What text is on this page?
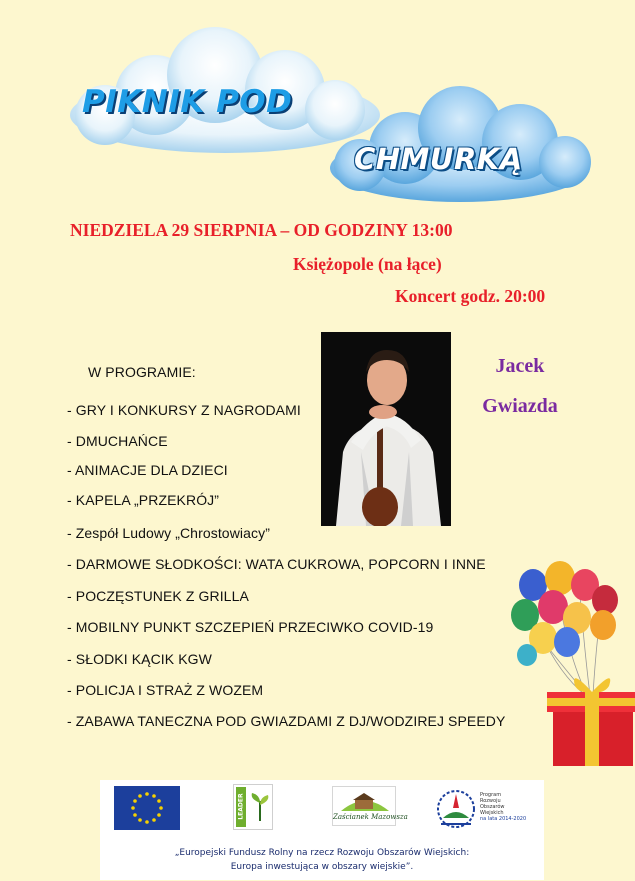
PIKNIK POD
CHMURKĄ
NIEDZIELA 29 SIERPNIA – OD GODZINY 13:00
Księżopole (na łące)
Koncert godz. 20:00
Jacek
Gwiazda
W PROGRAMIE:
- GRY I KONKURSY Z NAGRODAMI
- DMUCHAŃCE
- ANIMACJE DLA DZIECI
- KAPELA „PRZEKRÓJ”
- Zespół Ludowy „Chrostowiacy”
- DARMOWE SŁODKOŚCI: WATA CUKROWA, POPCORN I INNE
- POCZĘSTUNEK Z GRILLA
- MOBILNY PUNKT SZCZEPIEŃ PRZECIWKO COVID-19
- SŁODKI KĄCIK KGW
- POLICJA I STRAŻ Z WOZEM
- ZABAWA TANECZNA POD GWIAZDAMI Z DJ/WODZIREJ SPEEDY
LEADER	Zaścianek Mazowsza
Program
Rozwoju
Obszarów
Wiejskich
na lata 2014-2020
„Europejski Fundusz Rolny na rzecz Rozwoju Obszarów Wiejskich:
Europa inwestująca w obszary wiejskie”.
